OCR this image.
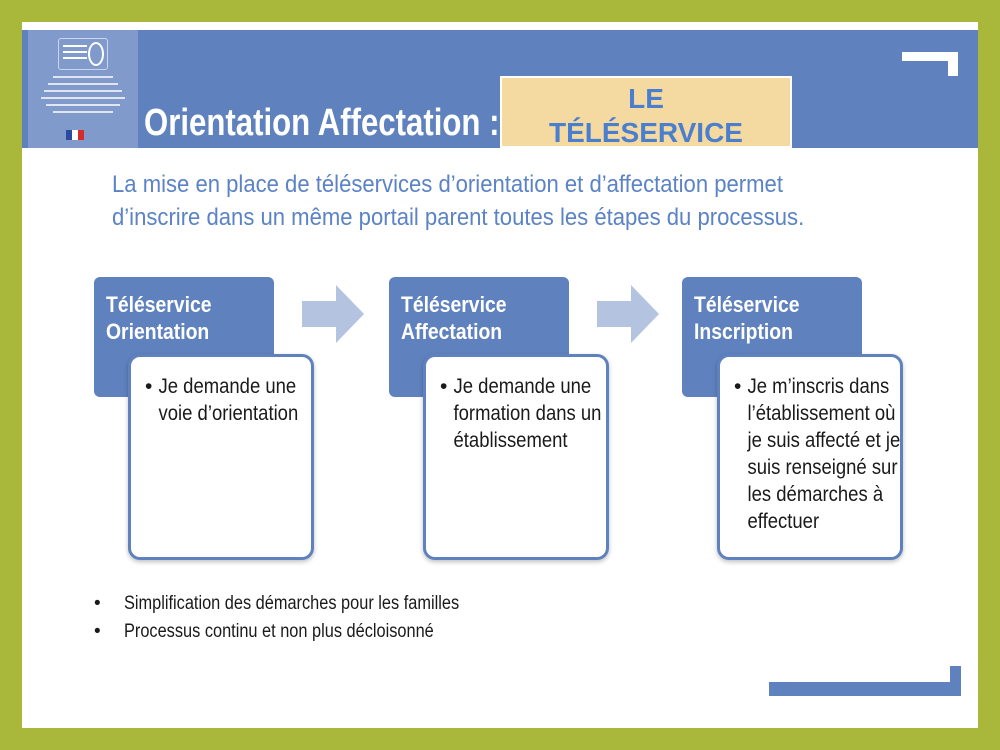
Orientation Affectation :
LE
TÉLÉSERVICE
La mise en place de téléservices d’orientation et d’affectation permet d’inscrire dans un même portail parent toutes les étapes du processus.
Téléservice
Orientation
• Je demande une voie d’orientation
Téléservice
Affectation
• Je demande une formation dans un établissement
Téléservice
Inscription
• Je m’inscris dans l’établissement où je suis affecté et je suis renseigné sur les démarches à effectuer
• Simplification des démarches pour les familles
• Processus continu et non plus décloisonné
